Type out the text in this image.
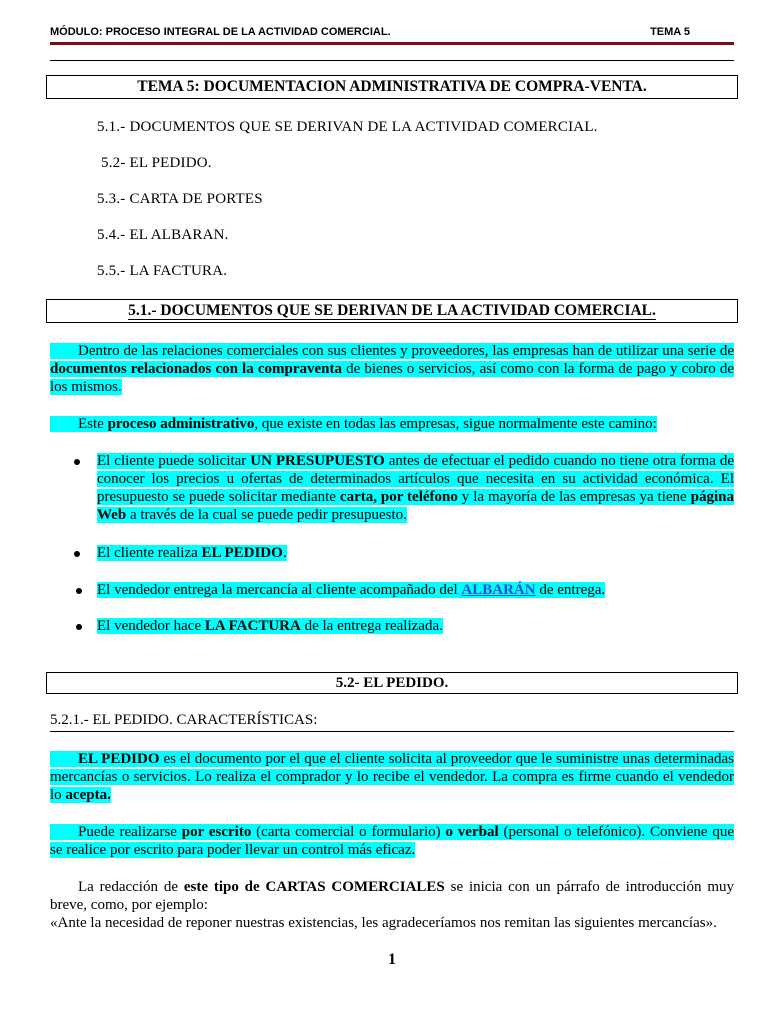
MÓDULO: PROCESO INTEGRAL DE LA ACTIVIDAD COMERCIAL.	TEMA 5
TEMA 5: DOCUMENTACION ADMINISTRATIVA DE COMPRA-VENTA.
5.1.- DOCUMENTOS QUE SE DERIVAN DE LA ACTIVIDAD COMERCIAL.
5.2- EL PEDIDO.
5.3.- CARTA DE PORTES
5.4.- EL ALBARAN.
5.5.- LA FACTURA.
5.1.- DOCUMENTOS QUE SE DERIVAN DE LA ACTIVIDAD COMERCIAL.
Dentro de las relaciones comerciales con sus clientes y proveedores, las empresas han de utilizar una serie de documentos relacionados con la compraventa de bienes o servicios, así como con la forma de pago y cobro de los mismos.
Este proceso administrativo, que existe en todas las empresas, sigue normalmente este camino:
El cliente puede solicitar UN PRESUPUESTO antes de efectuar el pedido cuando no tiene otra forma de conocer los precios u ofertas de determinados artículos que necesita en su actividad económica. El presupuesto se puede solicitar mediante carta, por teléfono y la mayoría de las empresas ya tiene página Web a través de la cual se puede pedir presupuesto.
El cliente realiza EL PEDIDO.
El vendedor entrega la mercancía al cliente acompañado del ALBARÁN de entrega.
El vendedor hace LA FACTURA de la entrega realizada.
5.2- EL PEDIDO.
5.2.1.- EL PEDIDO. CARACTERÍSTICAS:
EL PEDIDO es el documento por el que el cliente solicita al proveedor que le suministre unas determinadas mercancías o servicios. Lo realiza el comprador y lo recibe el vendedor. La compra es firme cuando el vendedor lo acepta.
Puede realizarse por escrito (carta comercial o formulario) o verbal (personal o telefónico). Conviene que se realice por escrito para poder llevar un control más eficaz.
La redacción de este tipo de CARTAS COMERCIALES se inicia con un párrafo de introducción muy breve, como, por ejemplo:
«Ante la necesidad de reponer nuestras existencias, les agradeceríamos nos remitan las siguientes mercancías».
1
